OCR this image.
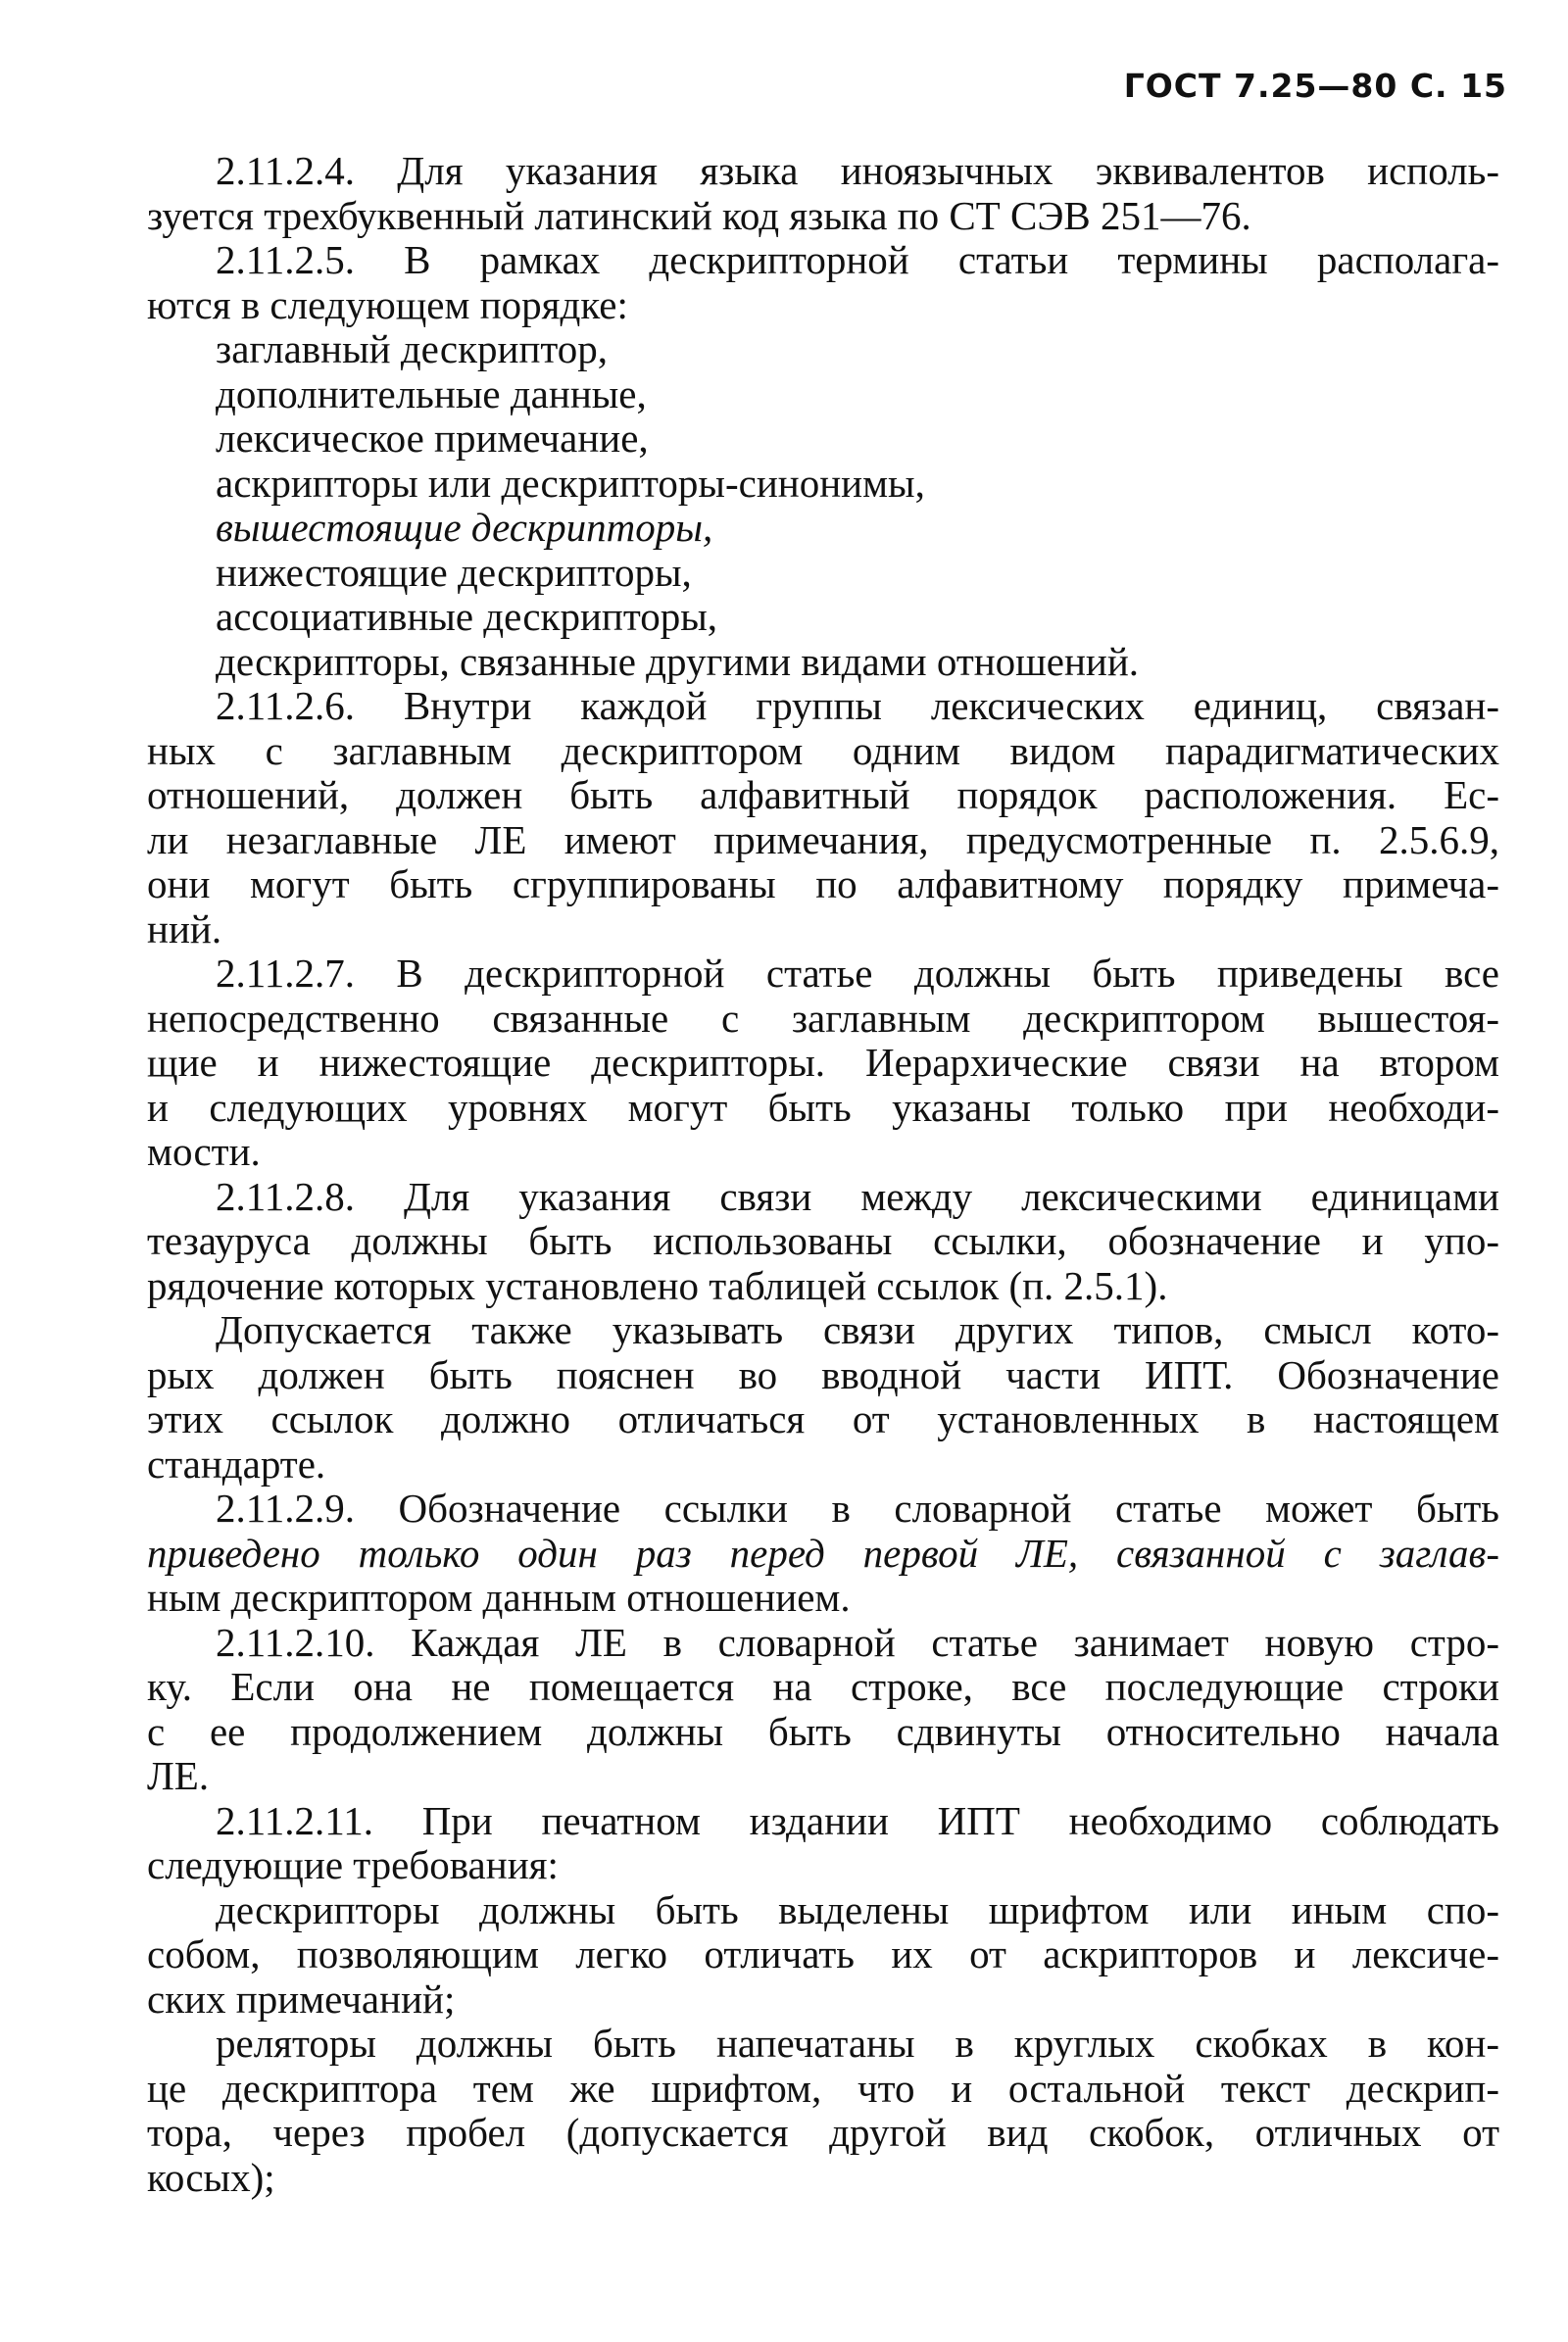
ГОСТ 7.25—80 С. 15
2.11.2.4. Для указания языка иноязычных эквивалентов исполь-
зуется трехбуквенный латинский код языка по СТ СЭВ 251—76.
2.11.2.5. В рамках дескрипторной статьи термины располага-
ются в следующем порядке:
заглавный дескриптор,
дополнительные данные,
лексическое примечание,
аскрипторы или дескрипторы-синонимы,
вышестоящие дескрипторы,
нижестоящие дескрипторы,
ассоциативные дескрипторы,
дескрипторы, связанные другими видами отношений.
2.11.2.6. Внутри каждой группы лексических единиц, связан-
ных с заглавным дескриптором одним видом парадигматических
отношений, должен быть алфавитный порядок расположения. Ес-
ли незаглавные ЛЕ имеют примечания, предусмотренные п. 2.5.6.9,
они могут быть сгруппированы по алфавитному порядку примеча-
ний.
2.11.2.7. В дескрипторной статье должны быть приведены все
непосредственно связанные с заглавным дескриптором вышестоя-
щие и нижестоящие дескрипторы. Иерархические связи на втором
и следующих уровнях могут быть указаны только при необходи-
мости.
2.11.2.8. Для указания связи между лексическими единицами
тезауруса должны быть использованы ссылки, обозначение и упо-
рядочение которых установлено таблицей ссылок (п. 2.5.1).
Допускается также указывать связи других типов, смысл кото-
рых должен быть пояснен во вводной части ИПТ. Обозначение
этих ссылок должно отличаться от установленных в настоящем
стандарте.
2.11.2.9. Обозначение ссылки в словарной статье может быть
приведено только один раз перед первой ЛЕ, связанной с заглав-
ным дескриптором данным отношением.
2.11.2.10. Каждая ЛЕ в словарной статье занимает новую стро-
ку. Если она не помещается на строке, все последующие строки
с ее продолжением должны быть сдвинуты относительно начала
ЛЕ.
2.11.2.11. При печатном издании ИПТ необходимо соблюдать
следующие требования:
дескрипторы должны быть выделены шрифтом или иным спо-
собом, позволяющим легко отличать их от аскрипторов и лексиче-
ских примечаний;
реляторы должны быть напечатаны в круглых скобках в кон-
це дескриптора тем же шрифтом, что и остальной текст дескрип-
тора, через пробел (допускается другой вид скобок, отличных от
косых);
